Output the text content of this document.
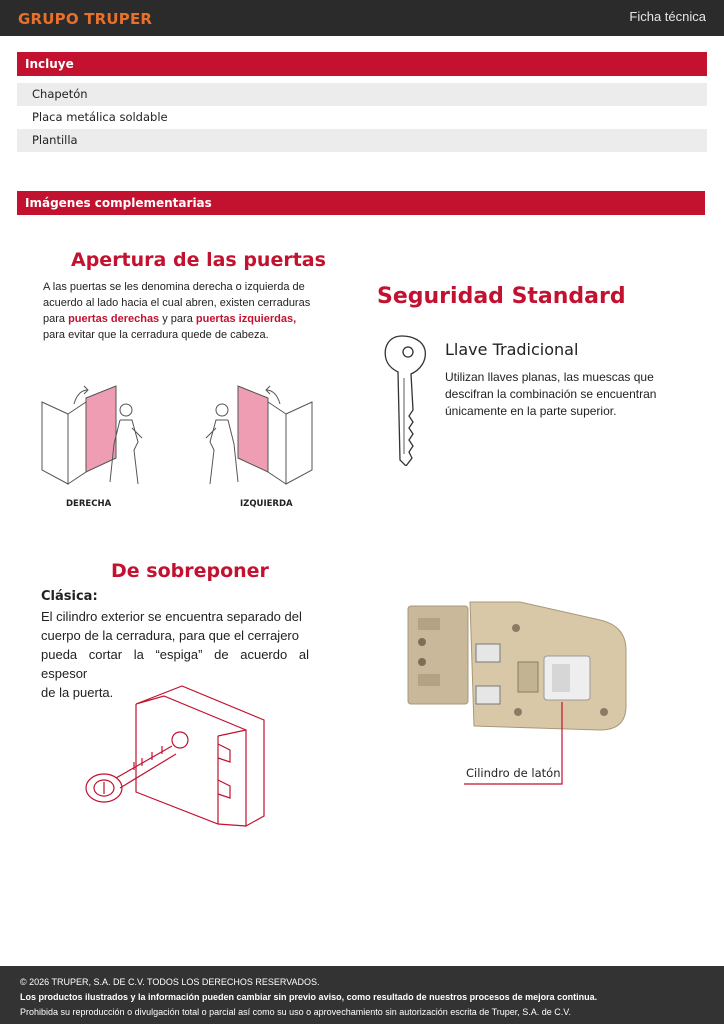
GRUPO TRUPER	Ficha técnica
Incluye
Chapetón
Placa metálica soldable
Plantilla
Imágenes complementarias
Apertura de las puertas
A las puertas se les denomina derecha o izquierda de
acuerdo al lado hacia el cual abren, existen cerraduras
para puertas derechas y para puertas izquierdas,
para evitar que la cerradura quede de cabeza.
DERECHA	IZQUIERDA
Seguridad Standard
Llave Tradicional
Utilizan llaves planas, las muescas que
descifran la combinación se encuentran
únicamente en la parte superior.
De sobreponer
Clásica:
El cilindro exterior se encuentra separado del
cuerpo de la cerradura, para que el cerrajero
pueda cortar la “espiga” de acuerdo al espesor
de la puerta.
Cilindro de latón
© 2026 TRUPER, S.A. DE C.V. TODOS LOS DERECHOS RESERVADOS.
Los productos ilustrados y la información pueden cambiar sin previo aviso, como resultado de nuestros procesos de mejora continua.
Prohibida su reproducción o divulgación total o parcial así como su uso o aprovechamiento sin autorización escrita de Truper, S.A. de C.V.
